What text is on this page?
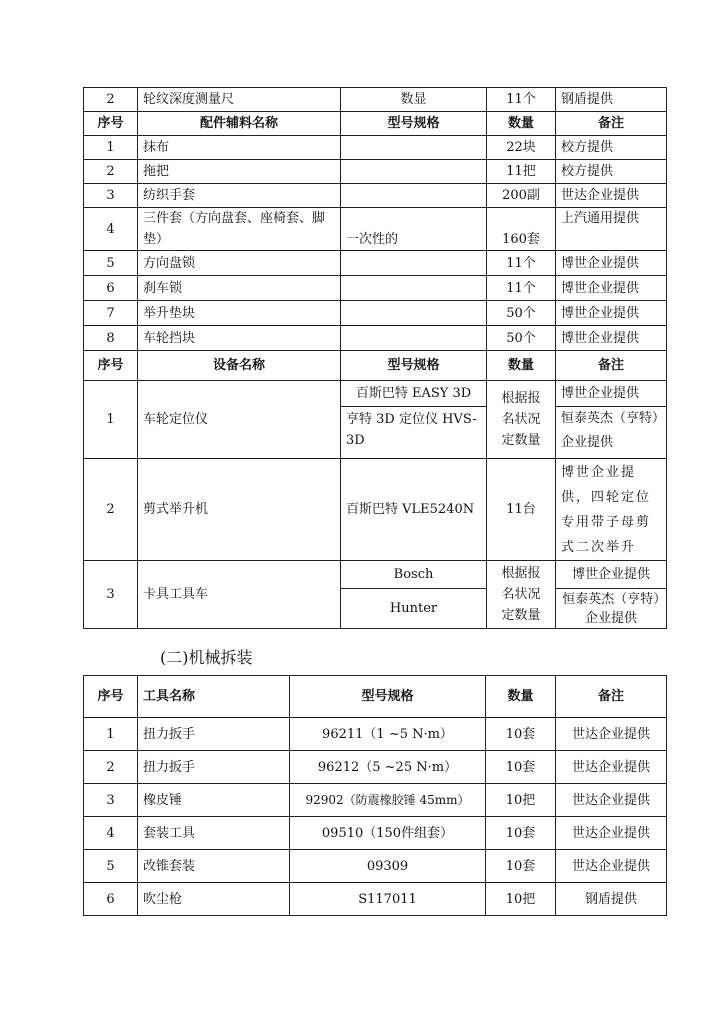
2	轮纹深度测量尺	数显	11个	钢盾提供
序号	配件辅料名称	型号规格	数量	备注
1	抹布		22块	校方提供
2	拖把		11把	校方提供
3	纺织手套		200副	世达企业提供
4	三件套（方向盘套、座椅套、脚垫）	一次性的	160套	上汽通用提供
5	方向盘锁		11个	博世企业提供
6	刹车锁		11个	博世企业提供
7	举升垫块		50个	博世企业提供
8	车轮挡块		50个	博世企业提供
序号	设备名称	型号规格	数量	备注
1	车轮定位仪	百斯巴特 EASY 3D	根据报名状况定数量	博世企业提供
		亨特 3D 定位仪 HVS-3D		恒泰英杰（亨特）企业提供
2	剪式举升机	百斯巴特 VLE5240N	11台	博世企业提供，四轮定位专用带子母剪式二次举升
3	卡具工具车	Bosch	根据报名状况定数量	博世企业提供
		Hunter		恒泰英杰（亨特）企业提供
(二)机械拆装
序号	工具名称	型号规格	数量	备注
1	扭力扳手	96211（1 ~5 N·m）	10套	世达企业提供
2	扭力扳手	96212（5 ~25 N·m）	10套	世达企业提供
3	橡皮锤	92902（防震橡胶锤 45mm）	10把	世达企业提供
4	套装工具	09510（150件组套）	10套	世达企业提供
5	改锥套装	09309	10套	世达企业提供
6	吹尘枪	S117011	10把	钢盾提供
